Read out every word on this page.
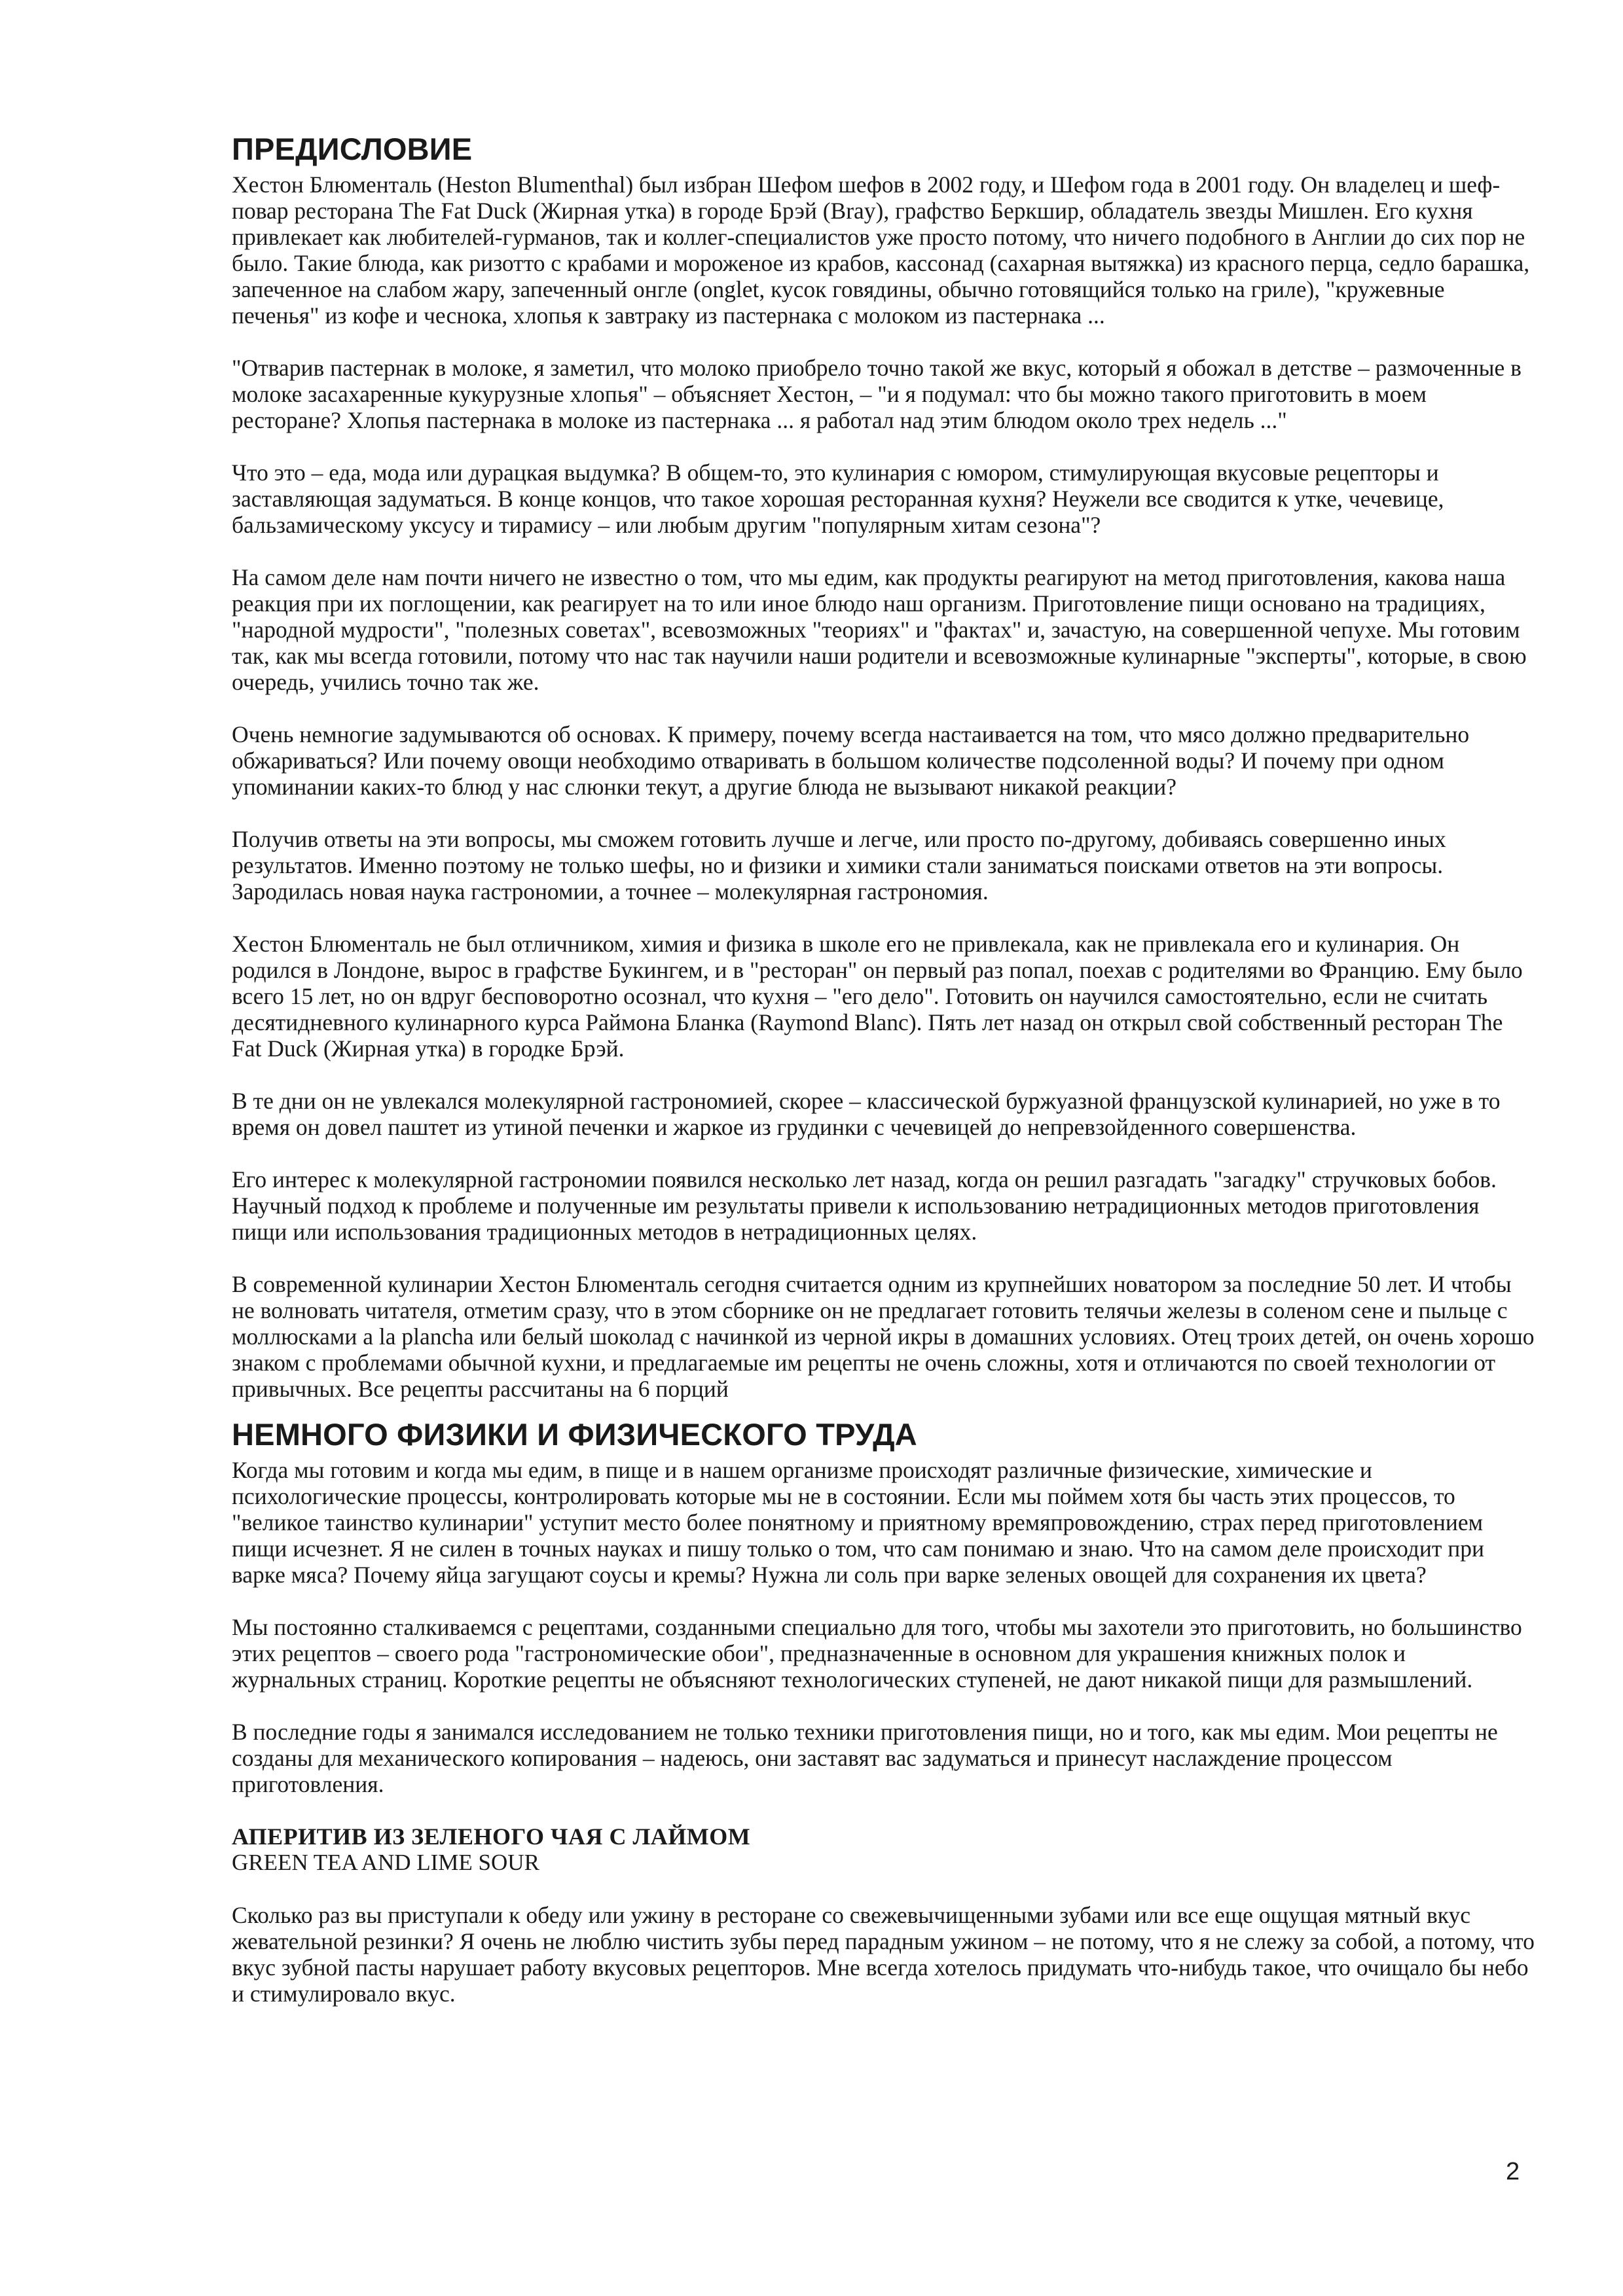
ПРЕДИСЛОВИЕ

Хестон Блюменталь (Heston Blumenthal) был избран Шефом шефов в 2002 году, и Шефом года в 2001 году. Он владелец и шеф-повар ресторана The Fat Duck (Жирная утка) в городе Брэй (Bray), графство Беркшир, обладатель звезды Мишлен. Его кухня привлекает как любителей-гурманов, так и коллег-специалистов уже просто потому, что ничего подобного в Англии до сих пор не было. Такие блюда, как ризотто с крабами и мороженое из крабов, кассонад (сахарная вытяжка) из красного перца, седло барашка, запеченное на слабом жару, запеченный онгле (onglet, кусок говядины, обычно готовящийся только на гриле), "кружевные печенья" из кофе и чеснока, хлопья к завтраку из пастернака с молоком из пастернака ...

"Отварив пастернак в молоке, я заметил, что молоко приобрело точно такой же вкус, который я обожал в детстве – размоченные в молоке засахаренные кукурузные хлопья" – объясняет Хестон, – "и я подумал: что бы можно такого приготовить в моем ресторане? Хлопья пастернака в молоке из пастернака ... я работал над этим блюдом около трех недель ..."

Что это – еда, мода или дурацкая выдумка? В общем-то, это кулинария с юмором, стимулирующая вкусовые рецепторы и заставляющая задуматься. В конце концов, что такое хорошая ресторанная кухня? Неужели все сводится к утке, чечевице, бальзамическому уксусу и тирамису – или любым другим "популярным хитам сезона"?

На самом деле нам почти ничего не известно о том, что мы едим, как продукты реагируют на метод приготовления, какова наша реакция при их поглощении, как реагирует на то или иное блюдо наш организм. Приготовление пищи основано на традициях, "народной мудрости", "полезных советах", всевозможных "теориях" и "фактах" и, зачастую, на совершенной чепухе. Мы готовим так, как мы всегда готовили, потому что нас так научили наши родители и всевозможные кулинарные "эксперты", которые, в свою очередь, учились точно так же.

Очень немногие задумываются об основах. К примеру, почему всегда настаивается на том, что мясо должно предварительно обжариваться? Или почему овощи необходимо отваривать в большом количестве подсоленной воды? И почему при одном упоминании каких-то блюд у нас слюнки текут, а другие блюда не вызывают никакой реакции?

Получив ответы на эти вопросы, мы сможем готовить лучше и легче, или просто по-другому, добиваясь совершенно иных результатов. Именно поэтому не только шефы, но и физики и химики стали заниматься поисками ответов на эти вопросы. Зародилась новая наука гастрономии, а точнее – молекулярная гастрономия.

Хестон Блюменталь не был отличником, химия и физика в школе его не привлекала, как не привлекала его и кулинария. Он родился в Лондоне, вырос в графстве Букингем, и в "ресторан" он первый раз попал, поехав с родителями во Францию. Ему было всего 15 лет, но он вдруг бесповоротно осознал, что кухня – "его дело". Готовить он научился самостоятельно, если не считать десятидневного кулинарного курса Раймона Бланка (Raymond Blanc). Пять лет назад он открыл свой собственный ресторан The Fat Duck (Жирная утка) в городке Брэй.

В те дни он не увлекался молекулярной гастрономией, скорее – классической буржуазной французской кулинарией, но уже в то время он довел паштет из утиной печенки и жаркое из грудинки с чечевицей до непревзойденного совершенства.

Его интерес к молекулярной гастрономии появился несколько лет назад, когда он решил разгадать "загадку" стручковых бобов. Научный подход к проблеме и полученные им результаты привели к использованию нетрадиционных методов приготовления пищи или использования традиционных методов в нетрадиционных целях.

В современной кулинарии Хестон Блюменталь сегодня считается одним из крупнейших новатором за последние 50 лет. И чтобы не волновать читателя, отметим сразу, что в этом сборнике он не предлагает готовить телячьи железы в соленом сене и пыльце с моллюсками a la plancha или белый шоколад с начинкой из черной икры в домашних условиях. Отец троих детей, он очень хорошо знаком с проблемами обычной кухни, и предлагаемые им рецепты не очень сложны, хотя и отличаются по своей технологии от привычных. Все рецепты рассчитаны на 6 порций

НЕМНОГО ФИЗИКИ И ФИЗИЧЕСКОГО ТРУДА

Когда мы готовим и когда мы едим, в пище и в нашем организме происходят различные физические, химические и психологические процессы, контролировать которые мы не в состоянии. Если мы поймем хотя бы часть этих процессов, то "великое таинство кулинарии" уступит место более понятному и приятному времяпровождению, страх перед приготовлением пищи исчезнет. Я не силен в точных науках и пишу только о том, что сам понимаю и знаю. Что на самом деле происходит при варке мяса? Почему яйца загущают соусы и кремы? Нужна ли соль при варке зеленых овощей для сохранения их цвета?

Мы постоянно сталкиваемся с рецептами, созданными специально для того, чтобы мы захотели это приготовить, но большинство этих рецептов – своего рода "гастрономические обои", предназначенные в основном для украшения книжных полок и журнальных страниц. Короткие рецепты не объясняют технологических ступеней, не дают никакой пищи для размышлений.

В последние годы я занимался исследованием не только техники приготовления пищи, но и того, как мы едим. Мои рецепты не созданы для механического копирования – надеюсь, они заставят вас задуматься и принесут наслаждение процессом приготовления.

АПЕРИТИВ ИЗ ЗЕЛЕНОГО ЧАЯ С ЛАЙМОМ
GREEN TEA AND LIME SOUR

Сколько раз вы приступали к обеду или ужину в ресторане со свежевычищенными зубами или все еще ощущая мятный вкус жевательной резинки? Я очень не люблю чистить зубы перед парадным ужином – не потому, что я не слежу за собой, а потому, что вкус зубной пасты нарушает работу вкусовых рецепторов. Мне всегда хотелось придумать что-нибудь такое, что очищало бы небо и стимулировало вкус.

2
